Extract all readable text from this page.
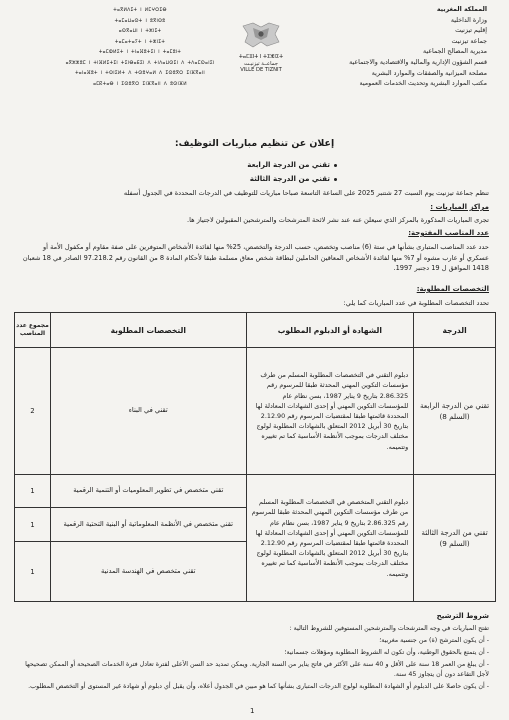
المملكة المغربية
وزارة الداخلية
إقليم تيزنيت
جماعة تيزنيت
مديرية المصالح الجماعية
قسم الشؤون الإدارية والمالية والاقتصادية والاجتماعية
مصلحة الميزانية والصفقات والموارد البشرية
مكتب الموارد البشرية وتحديث الخدمات العمومية
ⵜⴰⴳⵍⴷⵉⵜ ⵏ ⵍⵎⵖⵔⵉⴱ
ⵜⴰⵎⴰⵡⴰⵙⵜ ⵏ ⵓⴳⵏⵙⵓ
ⴰⵙⴳⴰⵡⵏ ⵏ ⵜⵣⵏⵉⵜ
ⵜⴰⵎⴰⵜⴰⵢⵜ ⵏ ⵜⵣⵏⵉⵜ
ⵜⴰⵎⵀⵍⵉⵜ ⵏ ⵜⵏⴰⴼⵓⵜⵉⵏ ⵏ ⵜⴰⵎⵓⵏⵜ
ⴰⴳⵣⵣⵓⵎ ⵏ ⵜⵏⴼⵍⵉⵜⵉⵏ ⵜⵉⵏⴱⴰⴹⵉⵏ ⴷ ⵜⵏⴷⴰⵡⵙⵉⵏ ⴷ ⵜⴷⴰⵎⵙⴰⵏⵉⵏ
ⵜⴰⵏⴰⴼⵓⵜ ⵏ ⵜⵙⵏⵉⵍⵜ ⴷ ⵜⵙⵓⵖⴰⵍ ⴷ ⵉⵙⵓⴳⵔ ⵉⵏⴼⴳⴰⵏⵏ
ⴰⵎⴽⵜⴰⴱ ⵏ ⵉⵙⵓⴳⵔ ⵉⵏⴼⴳⴰⵏⵏ ⴷ ⵓⵙⵏⴼⵍ
ⵜⴰⵎⵓⵏⵜ ⵏ ⵜⵉⵣⵏⵉⵜ
جماعــة تيزنيـت
VILLE DE TIZNIT
إعلان عن تنظيم مباريات التوظيف:
تقني من الدرجة الرابعة
تقني من الدرجة الثالثة
تنظم جماعة تيزنيت يوم السبت 27 شتنبر 2025 على الساعة التاسعة صباحا مباريات للتوظيف في الدرجات المحددة في الجدول أسفله
مراكز المباريات :
تجرى المباريات المذكورة بالمركز الذي سيعلن عنه عند نشر لائحة المترشحات والمترشحين المقبولين لاجتياز ها.
عدد المناصب المفتوحة:
حدد عدد المناصب المتبارى بشأنها في ستة (6) مناصب وتخصص، حسب الدرجة والتخصص، 25% منها لفائدة الأشخاص المتوفرين على صفة مقاوم أو مكفول الأمة أو عسكري أو عارب مشوه أو 7% منها لفائدة الأشخاص المعاقين الحاملين لبطاقة شخص معاق مسلمة طبقا لأحكام المادة 8 من القانون رقم 97.218.2 الصادر في 18 شعبان 1418 الموافق ل 19 دجنبر 1997.
التخصصات المطلوبة:
تحدد التخصصات المطلوبة في عدد المباريات كما يلي:
الدرجة	الشهادة أو الدبلوم المطلوب	التخصصات المطلوبة	مجموع عدد المناصب
تقني من الدرجة الرابعة (السلم 8)	دبلوم التقني في التخصصات المطلوبة المسلم من طرف مؤسسات التكوين المهني المحدثة طبقا للمرسوم رقم 2.86.325 بتاريخ 9 يناير 1987، بسن نظام عام للمؤسسات التكوين المهني أو إحدى الشهادات المعادلة لها المحددة قائمتها طبقا لمقتضيات المرسوم رقم 2.12.90 بتاريخ 30 أبريل 2012 المتعلق بالشهادات المطلوبة لولوج مختلف الدرجات بموجب الأنظمة الأساسية كما تم تغييره وتتميمه.	تقني في البناء	2
تقني من الدرجة الثالثة (السلم 9)	دبلوم التقني المتخصص في التخصصات المطلوبة المسلم من طرف مؤسسات التكوين المهني المحدثة طبقا للمرسوم رقم 2.86.325 بتاريخ 9 يناير 1987، بسن نظام عام للمؤسسات التكوين المهني أو إحدى الشهادات المعادلة لها المحددة قائمتها طبقا لمقتضيات المرسوم رقم 2.12.90 بتاريخ 30 أبريل 2012 المتعلق بالشهادات المطلوبة لولوج مختلف الدرجات بموجب الأنظمة الأساسية كما تم تغييره وتتميمه.	تقني متخصص في تطوير المعلوميات أو التنمية الرقمية	1
		تقني متخصص في الأنظمة المعلوماتية أو البنية التحتية الرقمية	1
		تقني متخصص في الهندسة المدنية	1
شروط الترشيح
تفتح المباريات في وجه المترشحات والمترشحين المستوفين للشروط التالية :
- أن يكون المترشح (ة) من جنسية مغربية؛
- أن يتمتع بالحقوق الوطنية، وأن تكون له الشروط المطلوبة ومؤهلات جسمانية؛
- أن يبلغ من العمر 18 سنة على الأقل و 40 سنة على الأكثر في فاتح يناير من السنة الجارية. ويمكن تمديد حد السن الأعلى لفترة تعادل فترة الخدمات الصحيحة أو الممكن تصحيحها لأجل التقاعد دون أن يتجاوز 45 سنة.
- أن يكون حاصلا على الدبلوم أو الشهادة المطلوبة لولوج الدرجات المتبارى بشأنها كما هو مبين في الجدول أعلاه، وأن يقبل أي دبلوم أو شهادة غير المستوى أو التخصص المطلوب.
1
